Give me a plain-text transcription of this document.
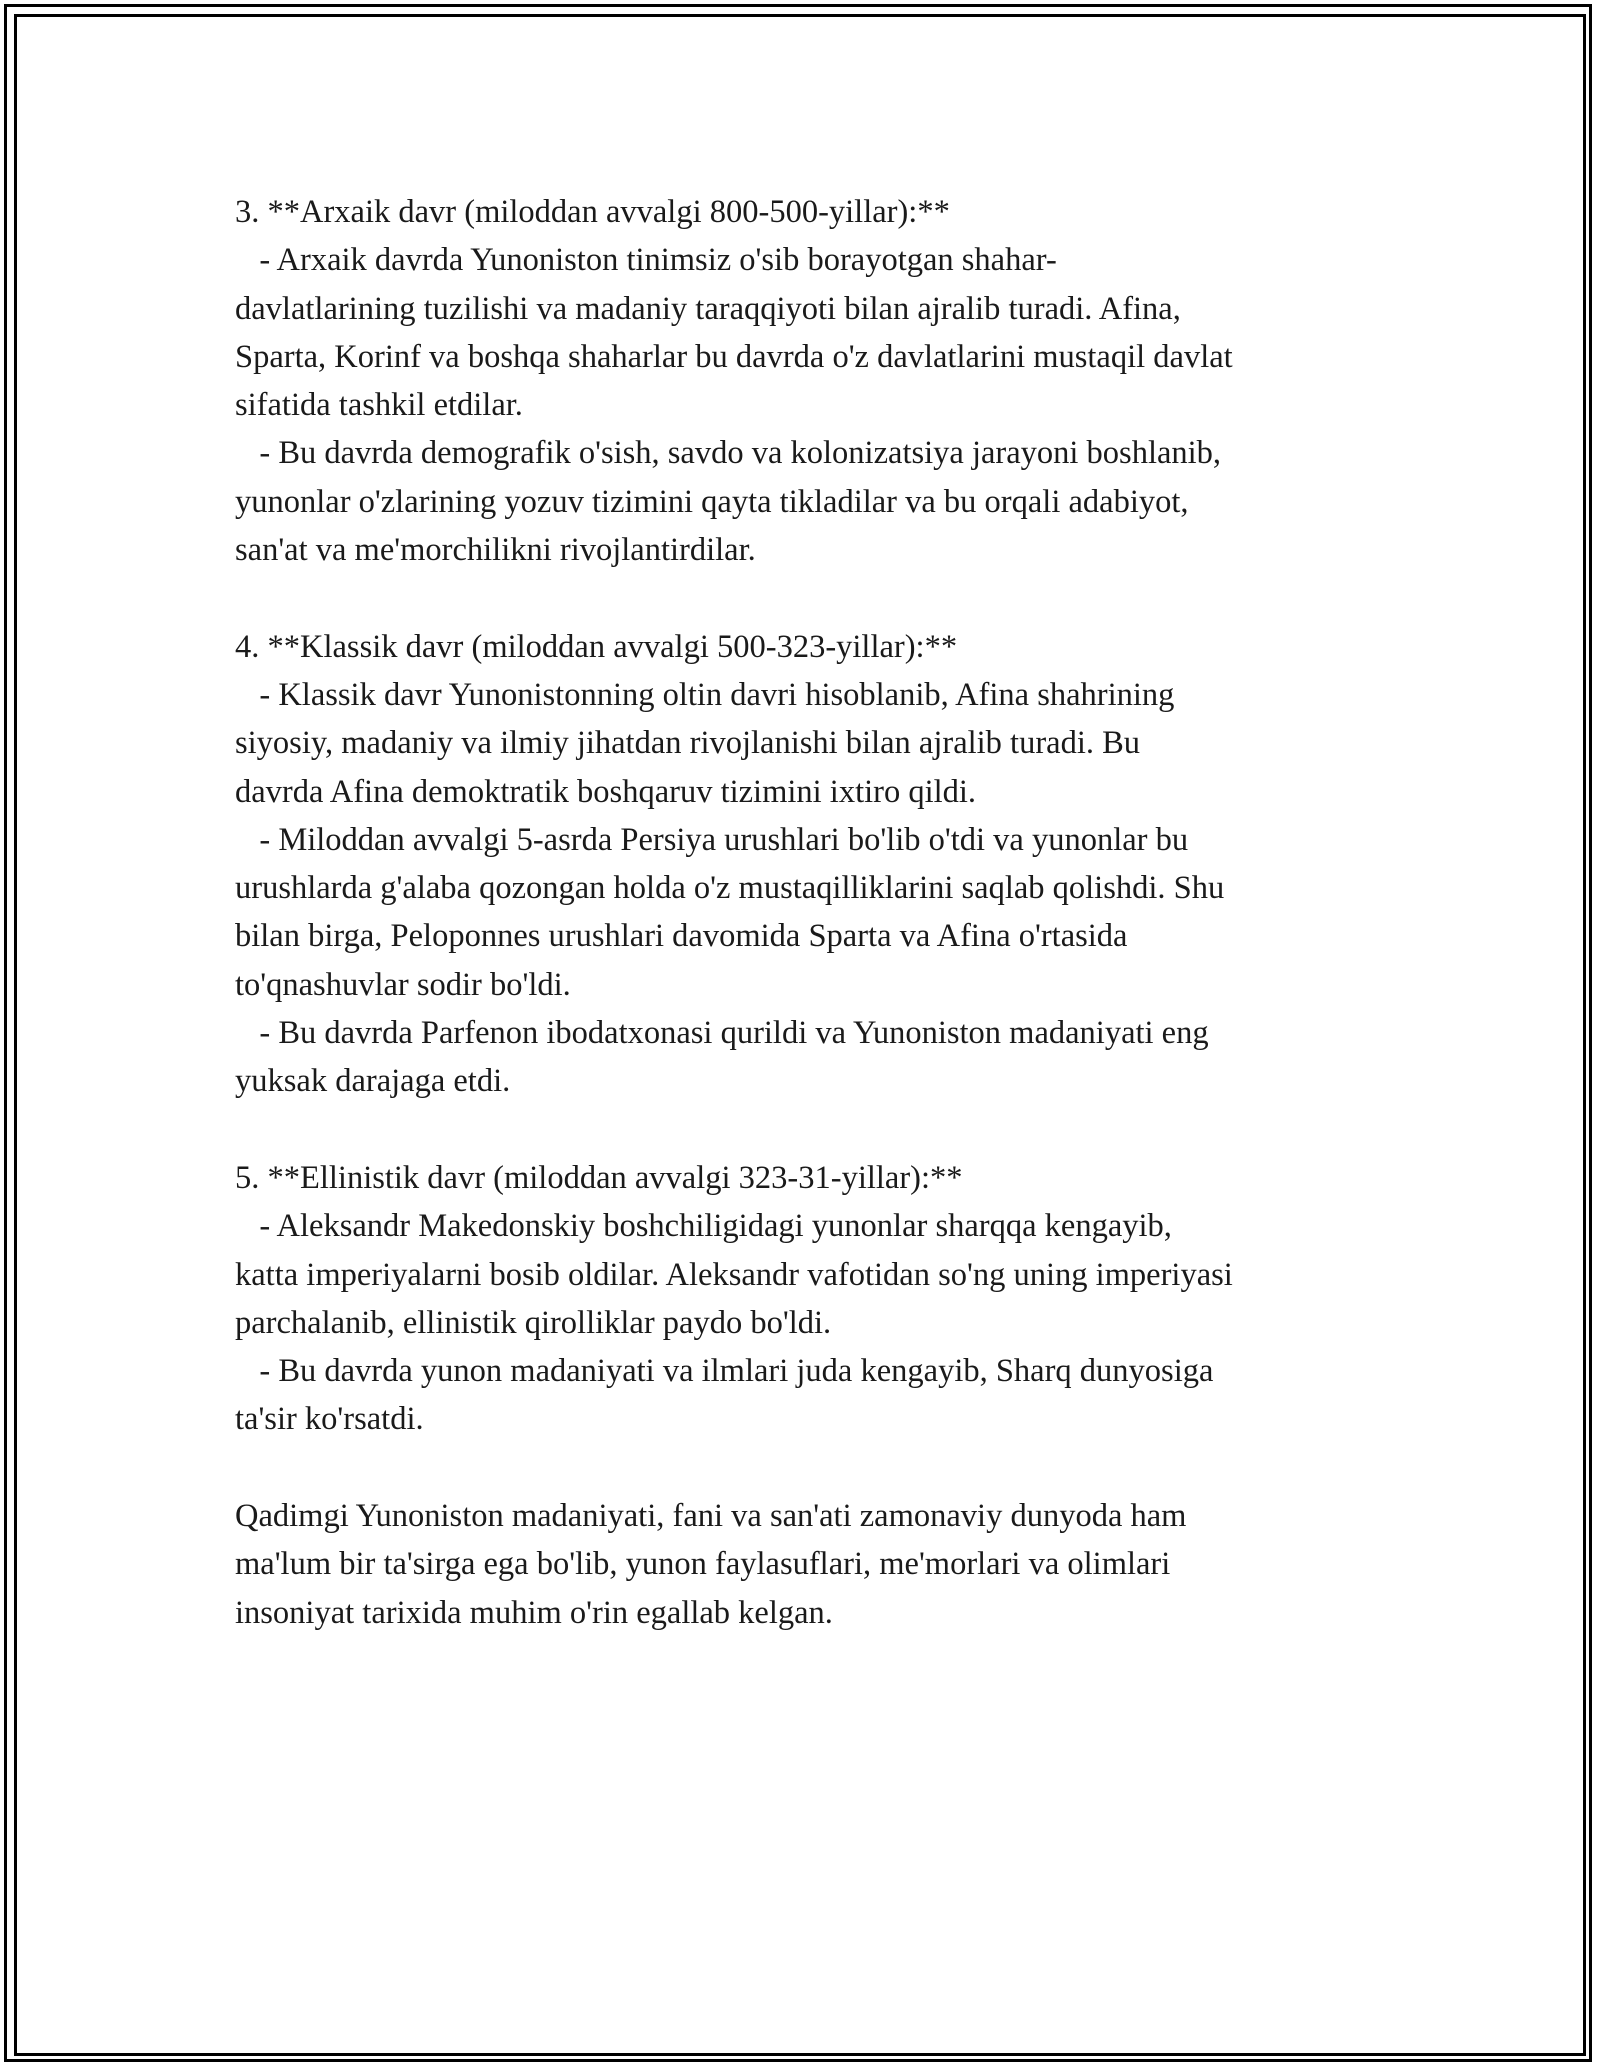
3. **Arxaik davr (miloddan avvalgi 800-500-yillar):**

- Arxaik davrda Yunoniston tinimsiz o'sib borayotgan shahar-

davlatlarining tuzilishi va madaniy taraqqiyoti bilan ajralib turadi. Afina,

Sparta, Korinf va boshqa shaharlar bu davrda o'z davlatlarini mustaqil davlat

sifatida tashkil etdilar.

- Bu davrda demografik o'sish, savdo va kolonizatsiya jarayoni boshlanib,

yunonlar o'zlarining yozuv tizimini qayta tikladilar va bu orqali adabiyot,

san'at va me'morchilikni rivojlantirdilar.

4. **Klassik davr (miloddan avvalgi 500-323-yillar):**

- Klassik davr Yunonistonning oltin davri hisoblanib, Afina shahrining

siyosiy, madaniy va ilmiy jihatdan rivojlanishi bilan ajralib turadi. Bu

davrda Afina demoktratik boshqaruv tizimini ixtiro qildi.

- Miloddan avvalgi 5-asrda Persiya urushlari bo'lib o'tdi va yunonlar bu

urushlarda g'alaba qozongan holda o'z mustaqilliklarini saqlab qolishdi. Shu

bilan birga, Peloponnes urushlari davomida Sparta va Afina o'rtasida

to'qnashuvlar sodir bo'ldi.

- Bu davrda Parfenon ibodatxonasi qurildi va Yunoniston madaniyati eng

yuksak darajaga etdi.

5. **Ellinistik davr (miloddan avvalgi 323-31-yillar):**

- Aleksandr Makedonskiy boshchiligidagi yunonlar sharqqa kengayib,

katta imperiyalarni bosib oldilar. Aleksandr vafotidan so'ng uning imperiyasi

parchalanib, ellinistik qirolliklar paydo bo'ldi.

- Bu davrda yunon madaniyati va ilmlari juda kengayib, Sharq dunyosiga

ta'sir ko'rsatdi.

Qadimgi Yunoniston madaniyati, fani va san'ati zamonaviy dunyoda ham

ma'lum bir ta'sirga ega bo'lib, yunon faylasuflari, me'morlari va olimlari

insoniyat tarixida muhim o'rin egallab kelgan.
